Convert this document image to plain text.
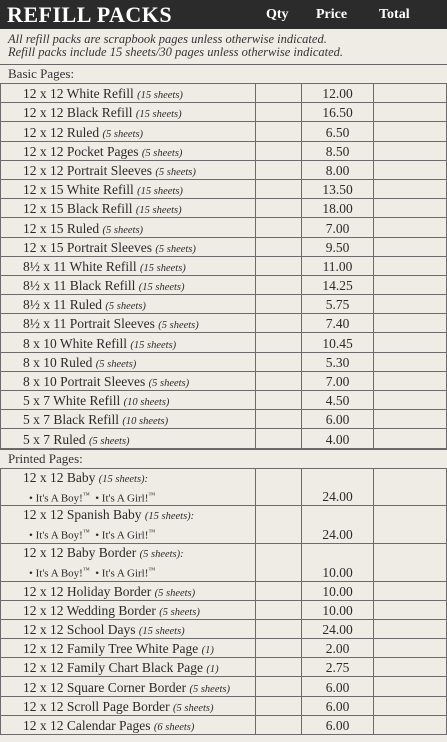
REFILL PACKS	Qty Price Total
All refill packs are scrapbook pages unless otherwise indicated.
Refill packs include 15 sheets/30 pages unless otherwise indicated.
Basic Pages:
12 x 12 White Refill (15 sheets)		12.00	
12 x 12 Black Refill (15 sheets)		16.50	
12 x 12 Ruled (5 sheets)		6.50	
12 x 12 Pocket Pages (5 sheets)		8.50	
12 x 12 Portrait Sleeves (5 sheets)		8.00	
12 x 15 White Refill (15 sheets)		13.50	
12 x 15 Black Refill (15 sheets)		18.00	
12 x 15 Ruled (5 sheets)		7.00	
12 x 15 Portrait Sleeves (5 sheets)		9.50	
8½ x 11 White Refill (15 sheets)		11.00	
8½ x 11 Black Refill (15 sheets)		14.25	
8½ x 11 Ruled (5 sheets)		5.75	
8½ x 11 Portrait Sleeves (5 sheets)		7.40	
8 x 10 White Refill (15 sheets)		10.45	
8 x 10 Ruled (5 sheets)		5.30	
8 x 10 Portrait Sleeves (5 sheets)		7.00	
5 x 7 White Refill (10 sheets)		4.50	
5 x 7 Black Refill (10 sheets)		6.00	
5 x 7 Ruled (5 sheets)		4.00	
Printed Pages:
12 x 12 Baby (15 sheets):
• It's A Boy!™ • It's A Girl!™		24.00	

12 x 12 Spanish Baby (15 sheets):
• It's A Boy!™ • It's A Girl!™		24.00	

12 x 12 Baby Border (5 sheets):
• It's A Boy!™ • It's A Girl!™		10.00	
12 x 12 Holiday Border (5 sheets)		10.00	
12 x 12 Wedding Border (5 sheets)		10.00	
12 x 12 School Days (15 sheets)		24.00	
12 x 12 Family Tree White Page (1)		2.00	
12 x 12 Family Chart Black Page (1)		2.75	
12 x 12 Square Corner Border (5 sheets)		6.00	
12 x 12 Scroll Page Border (5 sheets)		6.00	
12 x 12 Calendar Pages (6 sheets)		6.00	
